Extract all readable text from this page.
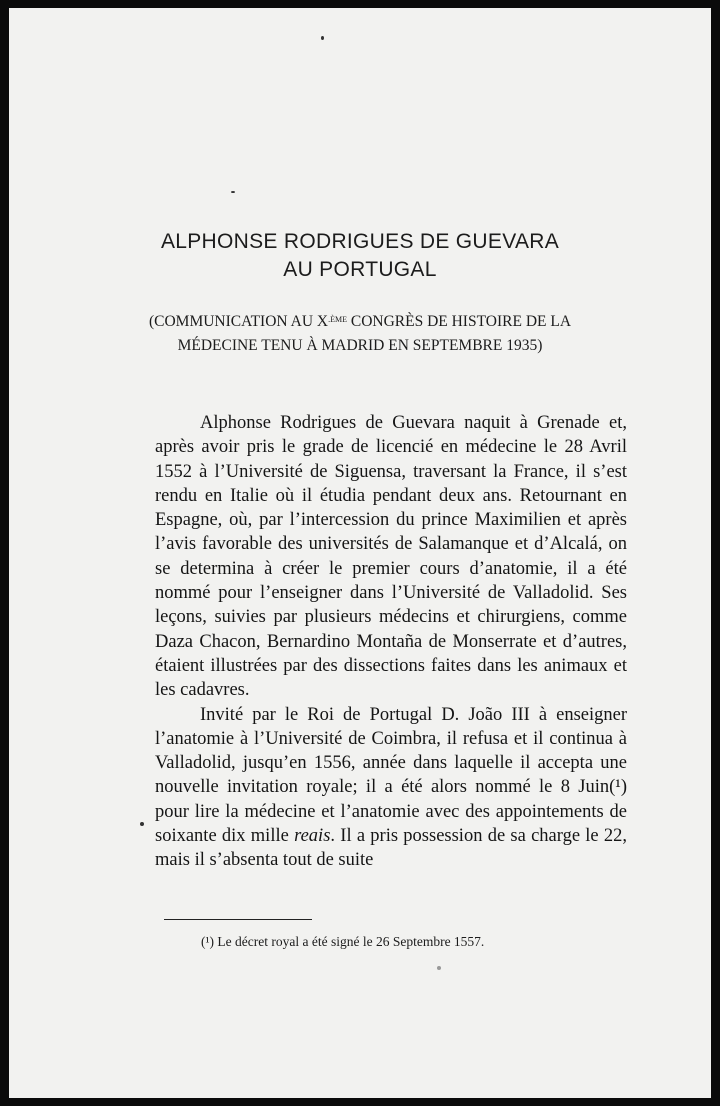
ALPHONSE RODRIGUES DE GUEVARA
AU PORTUGAL
(COMMUNICATION AU $X^{.ÈME}$ CONGRÈS DE HISTOIRE DE LA
MÉDECINE TENU À MADRID EN SEPTEMBRE 1935)

Alphonse Rodrigues de Guevara naquit à Grenade et, après avoir pris le grade de licencié en médecine le 28 Avril 1552 à l’Université de Siguensa, traversant la France, il s’est rendu en Italie où il étudia pendant deux ans. Retournant en Espagne, où, par l’intercession du prince Maximilien et après l’avis favorable des universités de Salamanque et d’Alcalá, on se determina à créer le premier cours d’anatomie, il a été nommé pour l’enseigner dans l’Université de Valladolid. Ses leçons, suivies par plusieurs médecins et chirurgiens, comme Daza Chacon, Bernardino Montaña de Monserrate et d’autres, étaient illustrées par des dissections faites dans les animaux et les cadavres.

Invité par le Roi de Portugal D. João III à enseigner l’anatomie à l’Université de Coimbra, il refusa et il continua à Valladolid, jusqu’en 1556, année dans laquelle il accepta une nouvelle invitation royale; il a été alors nommé le 8 Juin(¹) pour lire la médecine et l’anatomie avec des appointements de soixante dix mille reais. Il a pris possession de sa charge le 22, mais il s’absenta tout de suite

(¹) Le décret royal a été signé le 26 Septembre 1557.
